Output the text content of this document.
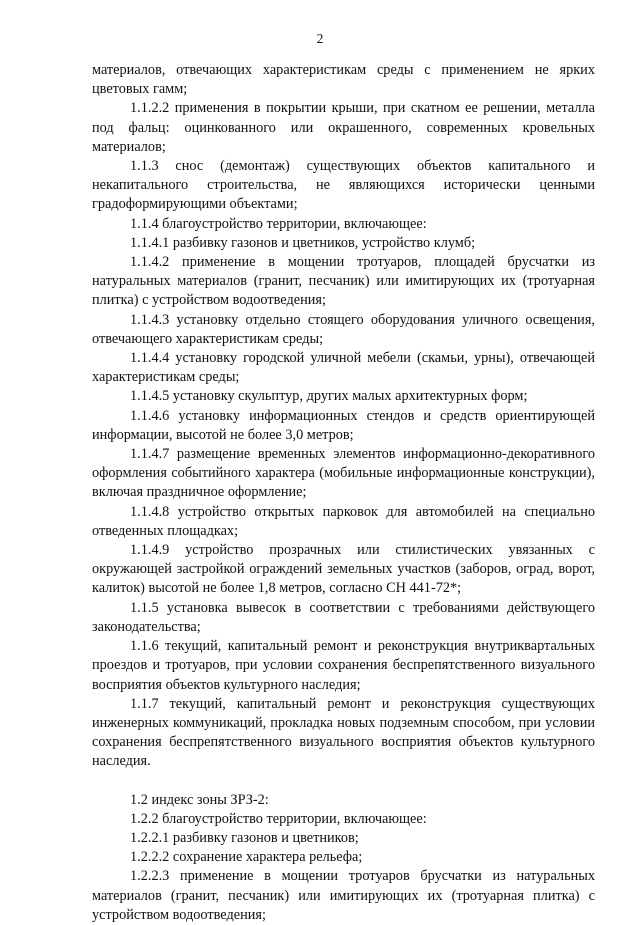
2

материалов, отвечающих характеристикам среды с применением не ярких цветовых гамм;

1.1.2.2 применения в покрытии крыши, при скатном ее решении, металла под фальц: оцинкованного или окрашенного, современных кровельных материалов;

1.1.3 снос (демонтаж) существующих объектов капитального и некапитального строительства, не являющихся исторически ценными градоформирующими объектами;

1.1.4 благоустройство территории, включающее:

1.1.4.1 разбивку газонов и цветников, устройство клумб;

1.1.4.2 применение в мощении тротуаров, площадей брусчатки из натуральных материалов (гранит, песчаник) или имитирующих их (тротуарная плитка) с устройством водоотведения;

1.1.4.3 установку отдельно стоящего оборудования уличного освещения, отвечающего характеристикам среды;

1.1.4.4 установку городской уличной мебели (скамьи, урны), отвечающей характеристикам среды;

1.1.4.5 установку скульптур, других малых архитектурных форм;

1.1.4.6 установку информационных стендов и средств ориентирующей информации, высотой не более 3,0 метров;

1.1.4.7 размещение временных элементов информационно-декоративного оформления событийного характера (мобильные информационные конструкции), включая праздничное оформление;

1.1.4.8 устройство открытых парковок для автомобилей на специально отведенных площадках;

1.1.4.9 устройство прозрачных или стилистических увязанных с окружающей застройкой ограждений земельных участков (заборов, оград, ворот, калиток) высотой не более 1,8 метров, согласно СН 441-72*;

1.1.5 установка вывесок в соответствии с требованиями действующего законодательства;

1.1.6 текущий, капитальный ремонт и реконструкция внутриквартальных проездов и тротуаров, при условии сохранения беспрепятственного визуального восприятия объектов культурного наследия;

1.1.7 текущий, капитальный ремонт и реконструкция существующих инженерных коммуникаций, прокладка новых подземным способом, при условии сохранения беспрепятственного визуального восприятия объектов культурного наследия.

1.2 индекс зоны ЗРЗ-2:

1.2.2 благоустройство территории, включающее:

1.2.2.1 разбивку газонов и цветников;

1.2.2.2 сохранение характера рельефа;

1.2.2.3 применение в мощении тротуаров брусчатки из натуральных материалов (гранит, песчаник) или имитирующих их (тротуарная плитка) с устройством водоотведения;
